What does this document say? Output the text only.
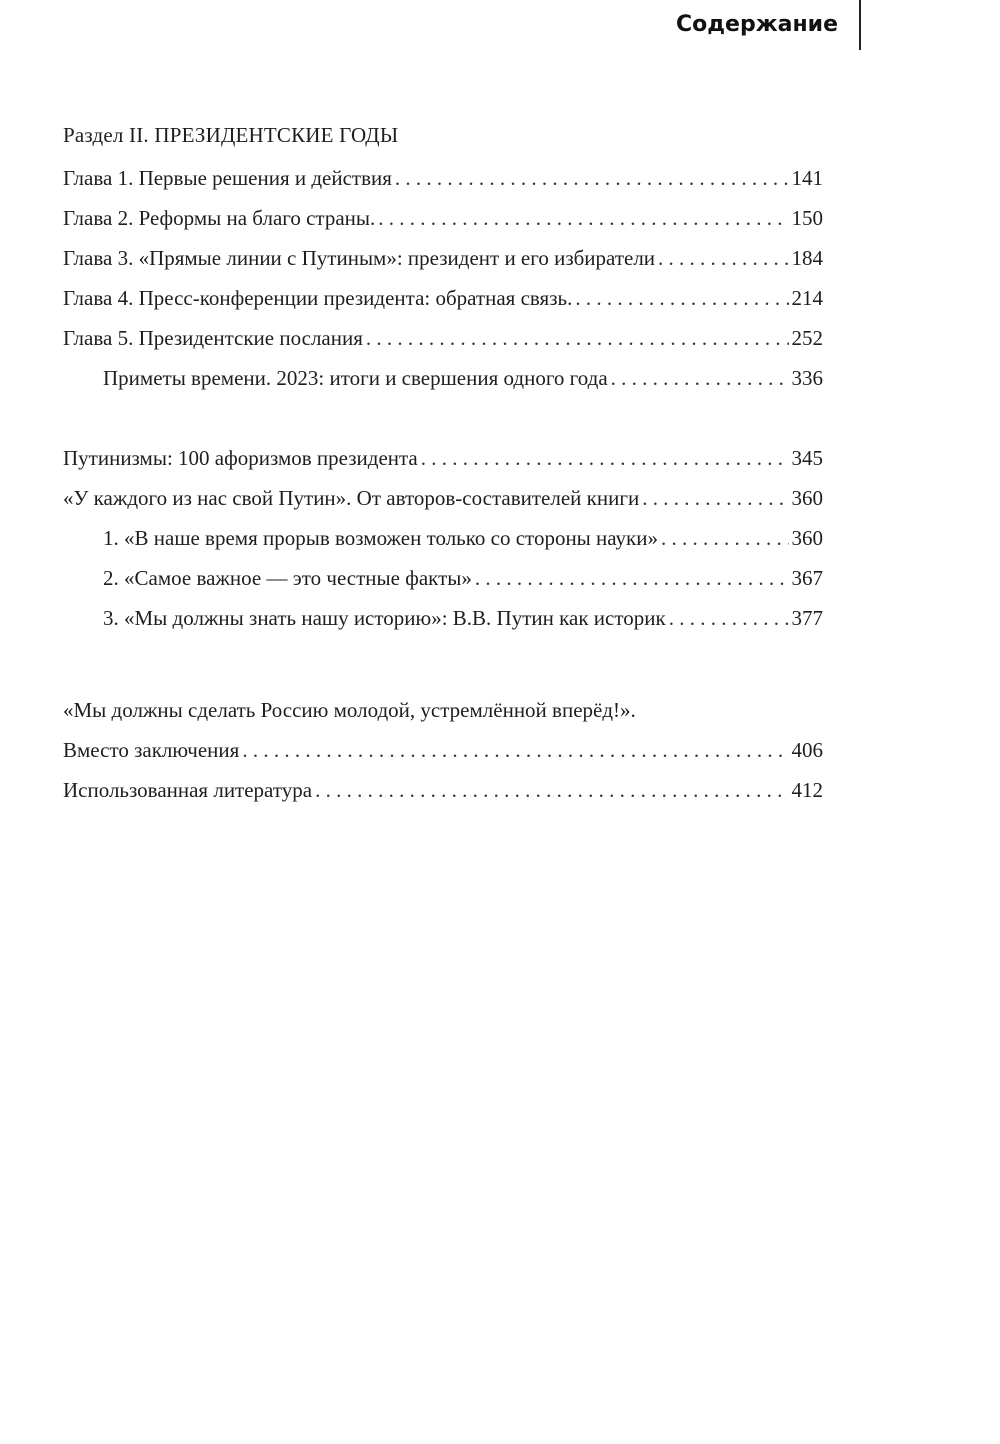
Содержание
Раздел II. ПРЕЗИДЕНТСКИЕ ГОДЫ
Глава 1. Первые решения и действия . . .	141
Глава 2. Реформы на благо страны. . . .	150
Глава 3. «Прямые линии с Путиным»: президент и его избиратели . . .	184
Глава 4. Пресс-конференции президента: обратная связь. . . .	214
Глава 5. Президентские послания . . .	252
Приметы времени. 2023: итоги и свершения одного года . . .	336
Путинизмы: 100 афоризмов президента . . .	345
«У каждого из нас свой Путин». От авторов-составителей книги . . .	360
1. «В наше время прорыв возможен только со стороны науки» . . .	360
2. «Самое важное — это честные факты» . . .	367
3. «Мы должны знать нашу историю»: В.В. Путин как историк . . .	377
«Мы должны сделать Россию молодой, устремлённой вперёд!».
Вместо заключения . . .	406
Использованная литература . . .	412
